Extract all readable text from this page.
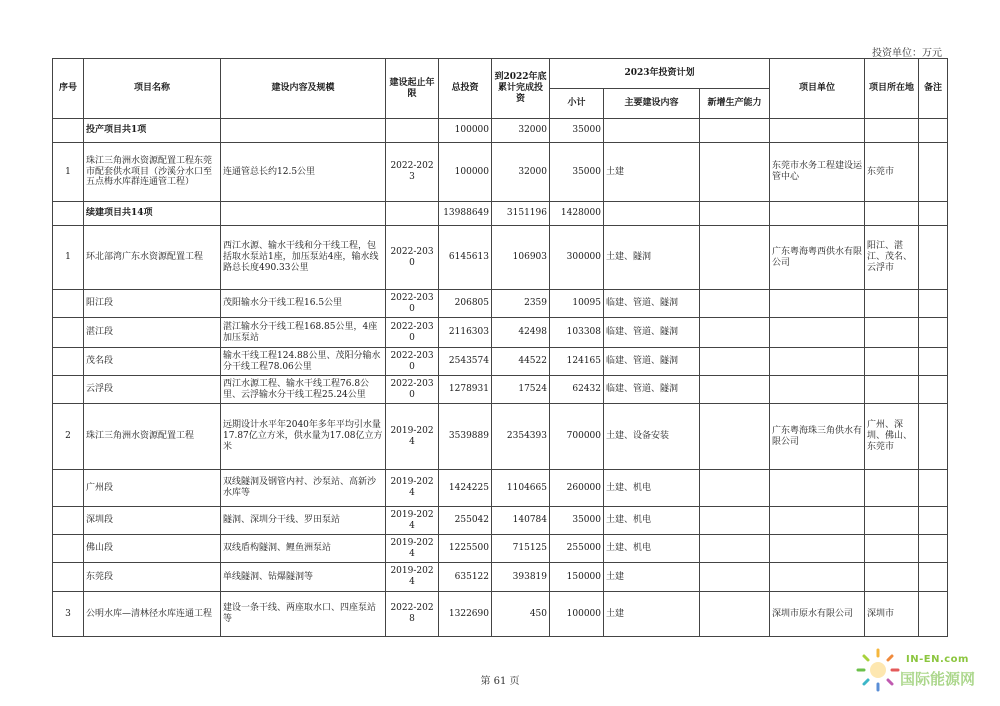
投资单位：万元
序号	项目名称	建设内容及规模	建设起止年限	总投资	到2022年底累计完成投资	2023年投资计划			项目单位	项目所在地	备注
						小计	主要建设内容	新增生产能力			
	投产项目共1项			100000	32000	35000					
1	珠江三角洲水资源配置工程东莞市配套供水项目（沙溪分水口至五点梅水库群连通管工程）	连通管总长约12.5公里	2022-2023	100000	32000	35000	土建		东莞市水务工程建设运管中心	东莞市	
	续建项目共14项			13988649	3151196	1428000					
1	环北部湾广东水资源配置工程	西江水源、输水干线和分干线工程，包括取水泵站1座，加压泵站4座，输水线路总长度490.33公里	2022-2030	6145613	106903	300000	土建、隧洞		广东粤海粤西供水有限公司	阳江、湛江、茂名、云浮市	
	阳江段	茂阳输水分干线工程16.5公里	2022-2030	206805	2359	10095	临建、管道、隧洞				
	湛江段	湛江输水分干线工程168.85公里，4座加压泵站	2022-2030	2116303	42498	103308	临建、管道、隧洞				
	茂名段	输水干线工程124.88公里、茂阳分输水分干线工程78.06公里	2022-2030	2543574	44522	124165	临建、管道、隧洞				
	云浮段	西江水源工程、输水干线工程76.8公里、云浮输水分干线工程25.24公里	2022-2030	1278931	17524	62432	临建、管道、隧洞				
2	珠江三角洲水资源配置工程	远期设计水平年2040年多年平均引水量17.87亿立方米，供水量为17.08亿立方米	2019-2024	3539889	2354393	700000	土建、设备安装		广东粤海珠三角供水有限公司	广州、深圳、佛山、东莞市	
	广州段	双线隧洞及钢管内衬、沙泵站、高新沙水库等	2019-2024	1424225	1104665	260000	土建、机电				
	深圳段	隧洞、深圳分干线、罗田泵站	2019-2024	255042	140784	35000	土建、机电				
	佛山段	双线盾构隧洞、鲤鱼洲泵站	2019-2024	1225500	715125	255000	土建、机电				
	东莞段	单线隧洞、钻爆隧洞等	2019-2024	635122	393819	150000	土建				
3	公明水库—清林径水库连通工程	建设一条干线、两座取水口、四座泵站等	2022-2028	1322690	450	100000	土建		深圳市原水有限公司	深圳市	
第 61 页
IN-EN.com
国际能源网
